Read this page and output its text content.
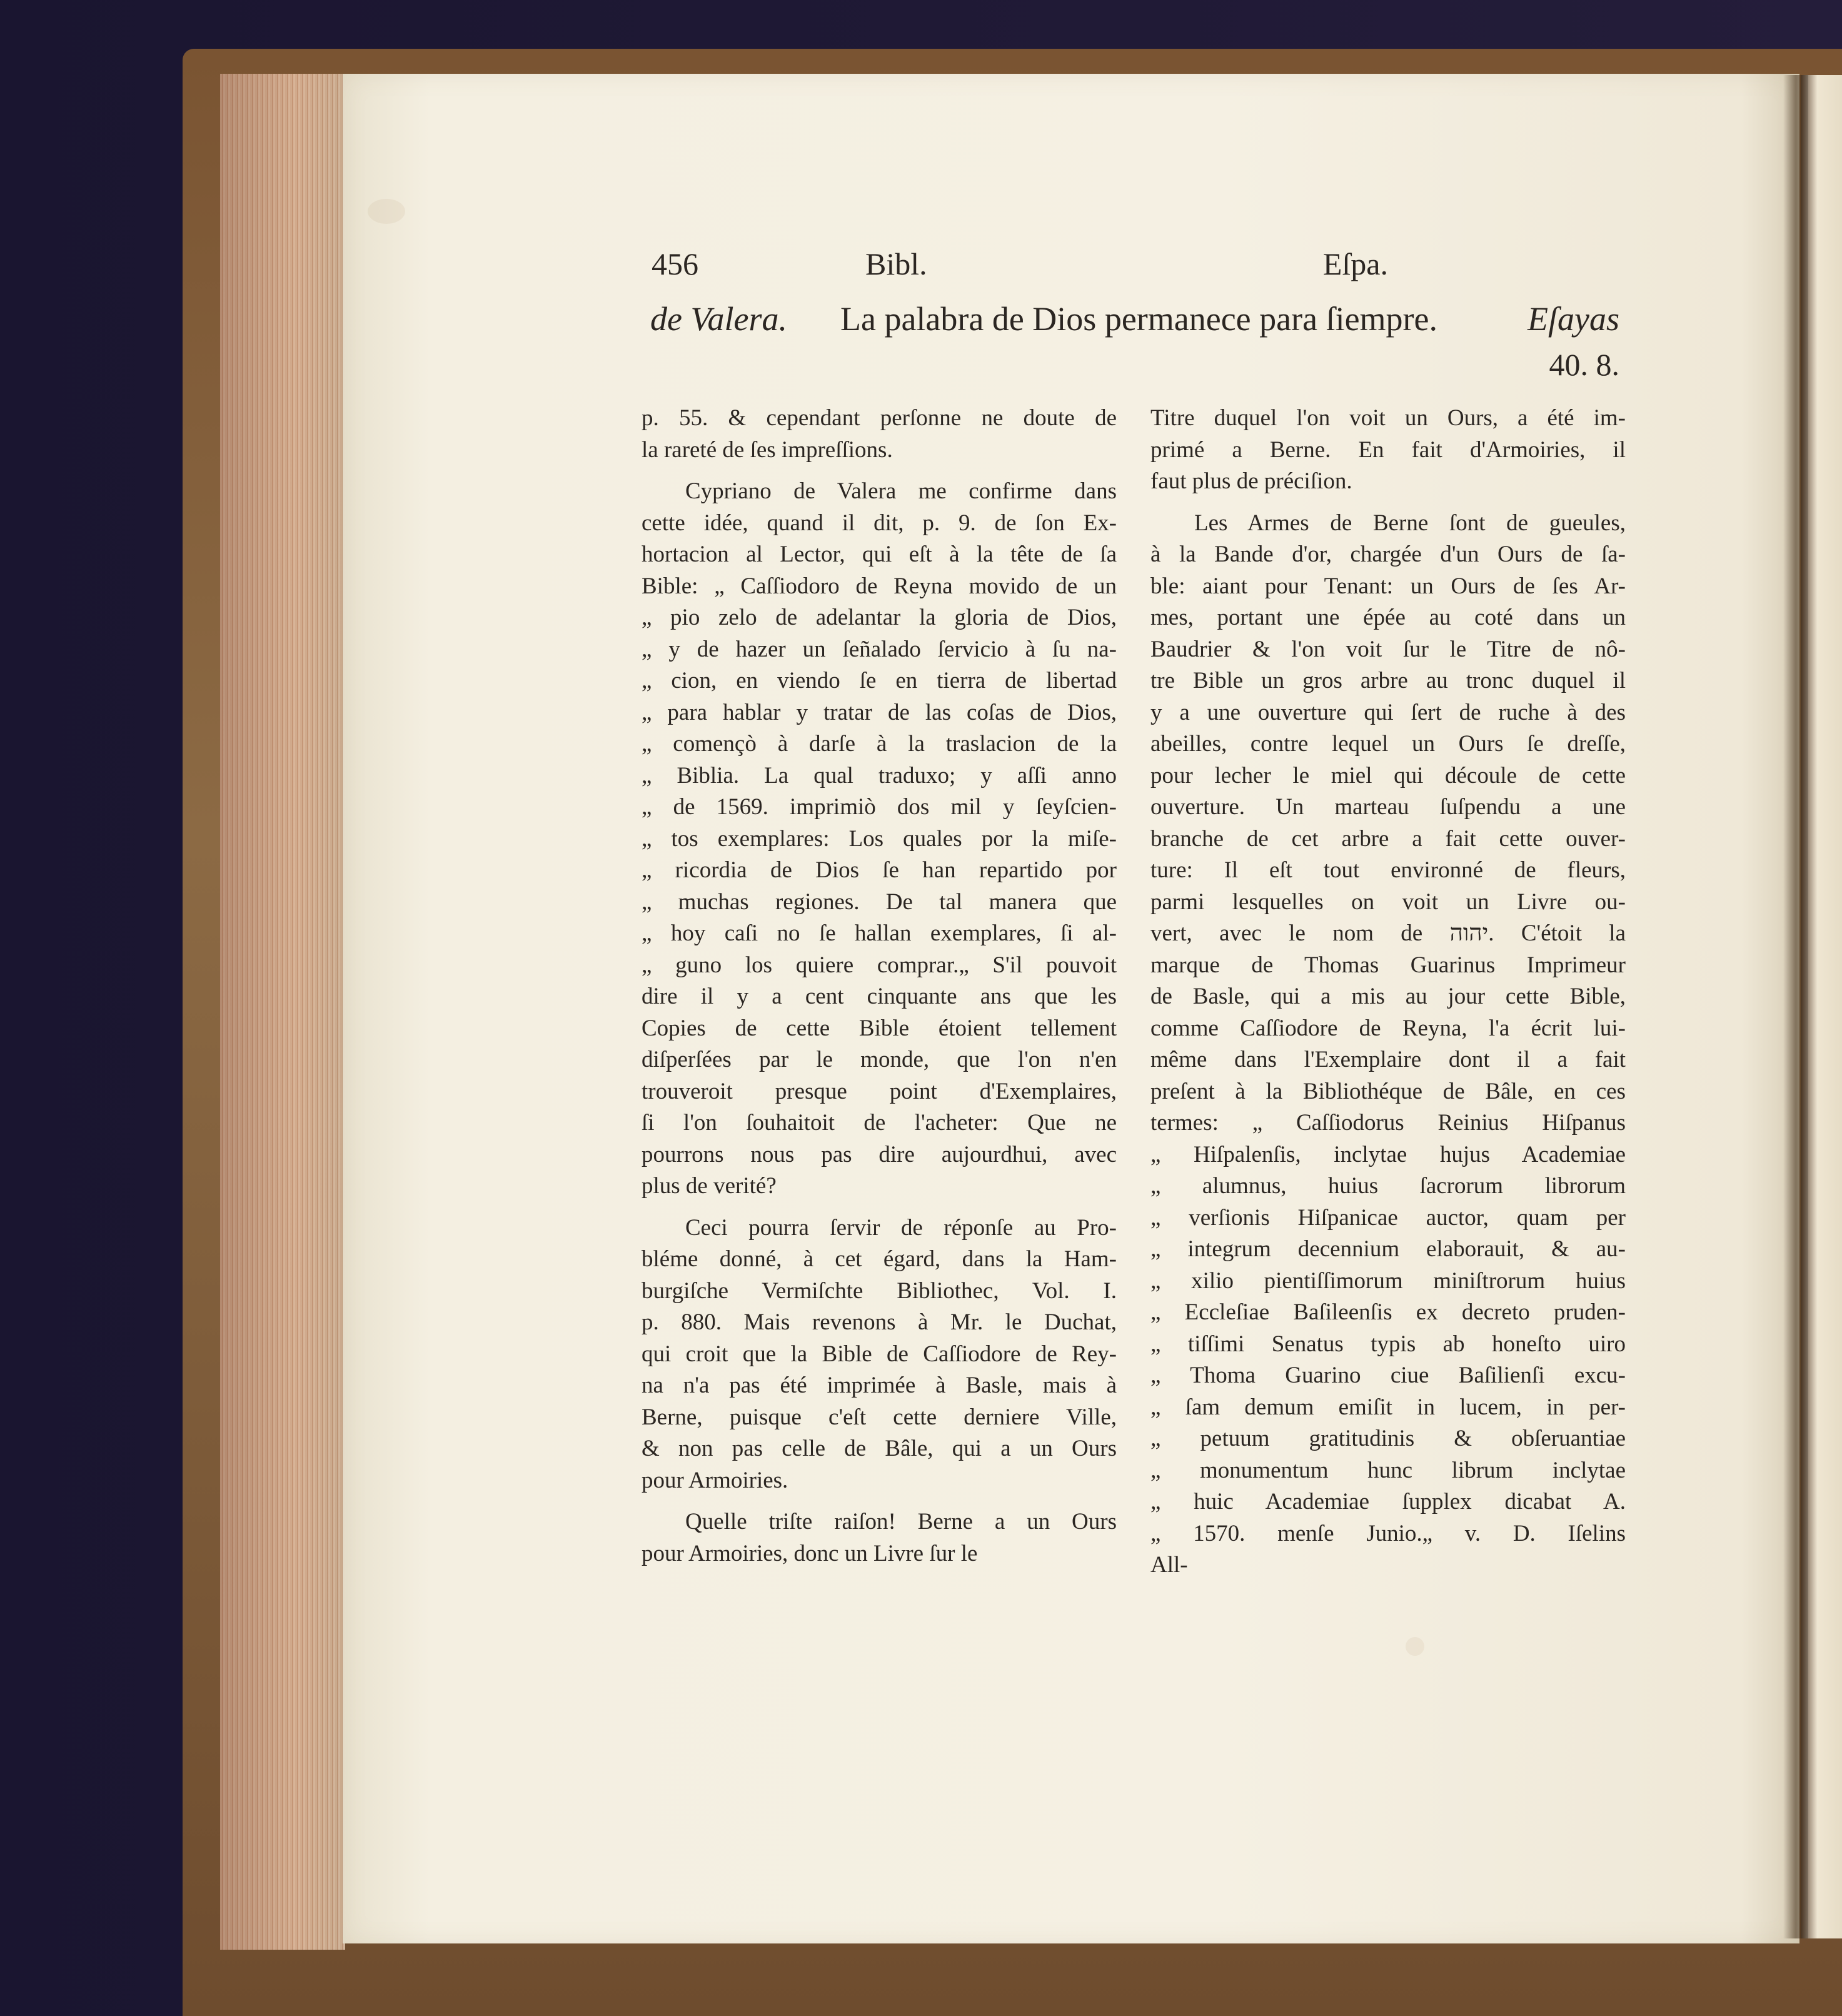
456	Bibl.	Eſpa.
de Valera. La palabra de Dios permanece para ſiempre.	Eſayas
40. 8.
p. 55. & cependant perſonne ne doute de
la rareté de ſes impreſſions.
Cypriano de Valera me confirme dans
cette idée, quand il dit, p. 9. de ſon Ex-
hortacion al Lector, qui eſt à la tête de ſa
Bible: „ Caſſiodoro de Reyna movido de un
„ pio zelo de adelantar la gloria de Dios,
„ y de hazer un ſeñalado ſervicio à ſu na-
„ cion, en viendo ſe en tierra de libertad
„ para hablar y tratar de las coſas de Dios,
„ començò à darſe à la traslacion de la
„ Biblia. La qual traduxo; y aſſi anno
„ de 1569. imprimiò dos mil y ſeyſcien-
„ tos exemplares: Los quales por la miſe-
„ ricordia de Dios ſe han repartido por
„ muchas regiones. De tal manera que
„ hoy caſi no ſe hallan exemplares, ſi al-
„ guno los quiere comprar.„ S'il pouvoit
dire il y a cent cinquante ans que les
Copies de cette Bible étoient tellement
diſperſées par le monde, que l'on n'en
trouveroit presque point d'Exemplaires,
ſi l'on ſouhaitoit de l'acheter: Que ne
pourrons nous pas dire aujourdhui, avec
plus de verité?
Ceci pourra ſervir de réponſe au Pro-
bléme donné, à cet égard, dans la Ham-
burgiſche Vermiſchte Bibliothec, Vol. I.
p. 880. Mais revenons à Mr. le Duchat,
qui croit que la Bible de Caſſiodore de Rey-
na n'a pas été imprimée à Basle, mais à
Berne, puisque c'eſt cette derniere Ville,
& non pas celle de Bâle, qui a un Ours
pour Armoiries.
Quelle triſte raiſon! Berne a un Ours
pour Armoiries, donc un Livre ſur le
Titre duquel l'on voit un Ours, a été im-
primé a Berne. En fait d'Armoiries, il
faut plus de préciſion.
Les Armes de Berne ſont de gueules,
à la Bande d'or, chargée d'un Ours de ſa-
ble: aiant pour Tenant: un Ours de ſes Ar-
mes, portant une épée au coté dans un
Baudrier & l'on voit ſur le Titre de nô-
tre Bible un gros arbre au tronc duquel il
y a une ouverture qui ſert de ruche à des
abeilles, contre lequel un Ours ſe dreſſe,
pour lecher le miel qui découle de cette
ouverture. Un marteau ſuſpendu a une
branche de cet arbre a fait cette ouver-
ture: Il eſt tout environné de fleurs,
parmi lesquelles on voit un Livre ou-
vert, avec le nom de יהוה. C'étoit la
marque de Thomas Guarinus Imprimeur
de Basle, qui a mis au jour cette Bible,
comme Caſſiodore de Reyna, l'a écrit lui-
même dans l'Exemplaire dont il a fait
preſent à la Bibliothéque de Bâle, en ces
termes: „ Caſſiodorus Reinius Hiſpanus
„ Hiſpalenſis, inclytae hujus Academiae
„ alumnus, huius ſacrorum librorum
„ verſionis Hiſpanicae auctor, quam per
„ integrum decennium elaborauit, & au-
„ xilio pientiſſimorum miniſtrorum huius
„ Eccleſiae Baſileenſis ex decreto pruden-
„ tiſſimi Senatus typis ab honeſto uiro
„ Thoma Guarino ciue Baſilienſi excu-
„ ſam demum emiſit in lucem, in per-
„ petuum gratitudinis & obſeruantiae
„ monumentum hunc librum inclytae
„ huic Academiae ſupplex dicabat A.
„ 1570. menſe Junio.„ v. D. Iſelins
All-
